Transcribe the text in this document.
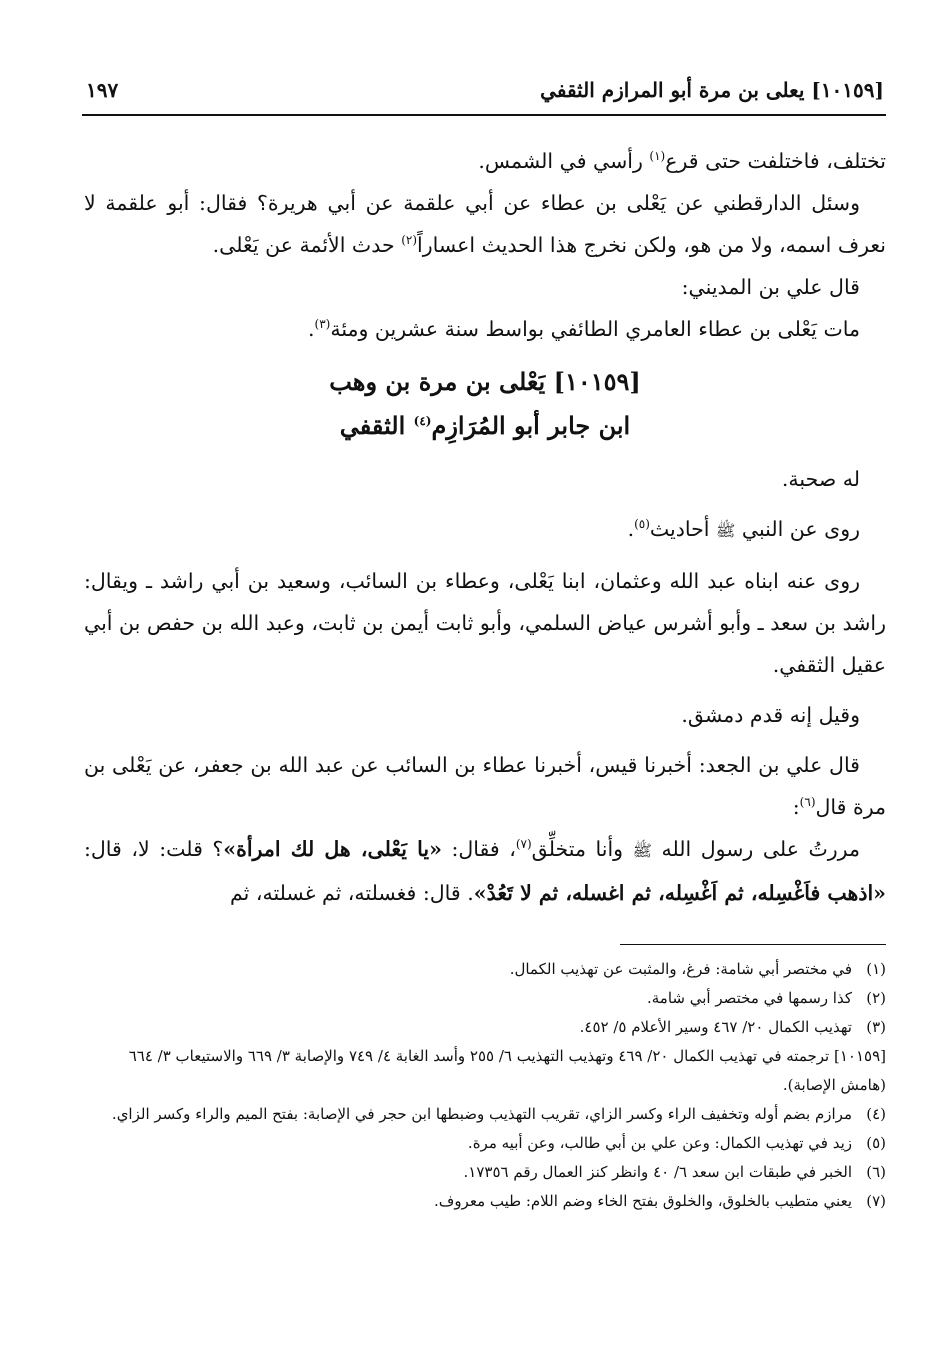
[١٠١٥٩] يعلى بن مرة أبو المرازم الثقفي
١٩٧

تختلف، فاختلفت حتى قرع$^{(١)}$ رأسي في الشمس.

وسئل الدارقطني عن يَعْلى بن عطاء عن أبي علقمة عن أبي هريرة؟ فقال: أبو علقمة لا نعرف اسمه، ولا من هو، ولكن نخرج هذا الحديث اعساراً$^{(٢)}$ حدث الأئمة عن يَعْلى.

قال علي بن المديني:

مات يَعْلى بن عطاء العامري الطائفي بواسط سنة عشرين ومئة$^{(٣)}$.

[١٠١٥٩] يَعْلى بن مرة بن وهب
ابن جابر أبو المُرَازِم$^{(٤)}$ الثقفي

له صحبة.

روى عن النبي ﷺ أحاديث$^{(٥)}$.

روى عنه ابناه عبد الله وعثمان، ابنا يَعْلى، وعطاء بن السائب، وسعيد بن أبي راشد ـ ويقال: راشد بن سعد ـ وأبو أشرس عياض السلمي، وأبو ثابت أيمن بن ثابت، وعبد الله بن حفص بن أبي عقيل الثقفي.

وقيل إنه قدم دمشق.

قال علي بن الجعد: أخبرنا قيس، أخبرنا عطاء بن السائب عن عبد الله بن جعفر، عن يَعْلى بن مرة قال$^{(٦)}$:

مررتُ على رسول الله ﷺ وأنا متخلِّق$^{(٧)}$، فقال: «يا يَعْلى، هل لك امرأة»؟ قلت: لا، قال: «اذهب فاَغْسِله، ثم اَغْسِله، ثم اغسله، ثم لا تَعُدْ». قال: فغسلته، ثم غسلته، ثم

(١)
في مختصر أبي شامة: فرغ، والمثبت عن تهذيب الكمال.
(٢)
كذا رسمها في مختصر أبي شامة.
(٣)
تهذيب الكمال ٢٠/ ٤٦٧ وسير الأعلام ٥/ ٤٥٢.
[١٠١٥٩] ترجمته في تهذيب الكمال ٢٠/ ٤٦٩ وتهذيب التهذيب ٦/ ٢٥٥ وأسد الغابة ٤/ ٧٤٩ والإصابة ٣/ ٦٦٩ والاستيعاب ٣/ ٦٦٤ (هامش الإصابة).
(٤)
مرازم بضم أوله وتخفيف الراء وكسر الزاي، تقريب التهذيب وضبطها ابن حجر في الإصابة: بفتح الميم والراء وكسر الزاي.
(٥)
زيد في تهذيب الكمال: وعن علي بن أبي طالب، وعن أبيه مرة.
(٦)
الخبر في طبقات ابن سعد ٦/ ٤٠ وانظر كنز العمال رقم ١٧٣٥٦.
(٧)
يعني متطيب بالخلوق، والخلوق بفتح الخاء وضم اللام: طيب معروف.
